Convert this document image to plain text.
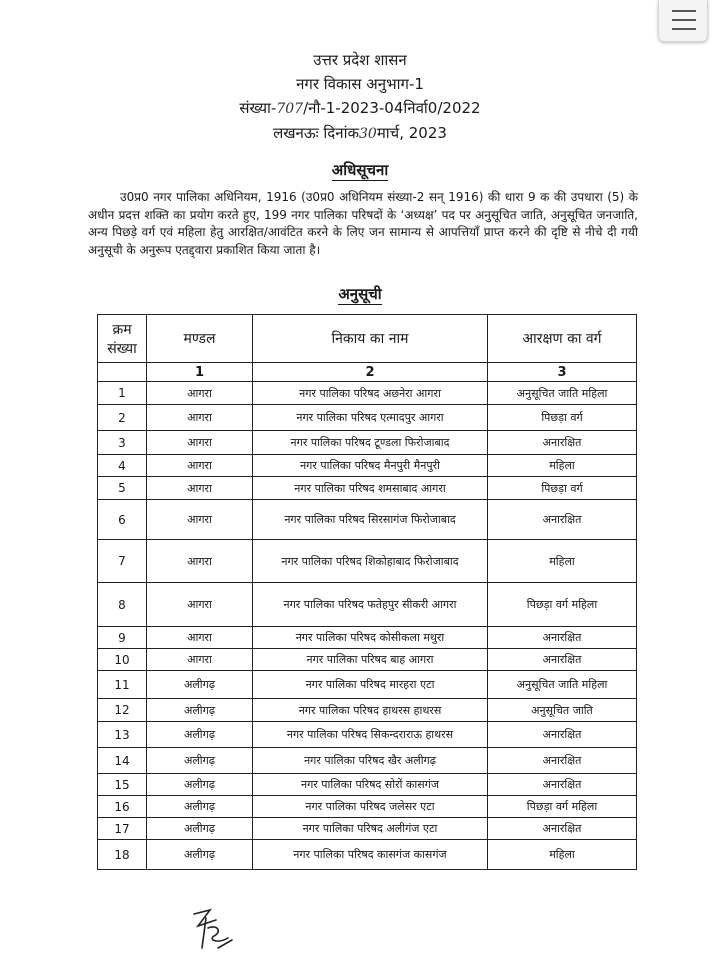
उत्तर प्रदेश शासन
नगर विकास अनुभाग-1
संख्या-707/नौ-1-2023-04निर्वा0/2022
लखनऊः दिनांक30मार्च, 2023
अधिसूचना

उ0प्र0 नगर पालिका अधिनियम, 1916 (उ0प्र0 अधिनियम संख्या-2 सन् 1916) की धारा 9 क की उपधारा (5) के अधीन प्रदत्त शक्ति का प्रयोग करते हुए, 199 नगर पालिका परिषदों के ‘अध्यक्ष’ पद पर अनुसूचित जाति, अनुसूचित जनजाति, अन्य पिछड़े वर्ग एवं महिला हेतु आरक्षित/आवंटित करने के लिए जन सामान्य से आपत्तियाँ प्राप्त करने की दृष्टि से नीचे दी गयी अनुसूची के अनुरूप एतद्द्वारा प्रकाशित किया जाता है।

अनुसूची
क्रम संख्या	मण्डल	निकाय का नाम	आरक्षण का वर्ग
	1	2	3
1	आगरा	नगर पालिका परिषद अछनेरा आगरा	अनुसूचित जाति महिला
2	आगरा	नगर पालिका परिषद एत्मादपुर आगरा	पिछड़ा वर्ग
3	आगरा	नगर पालिका परिषद टूण्डला फिरोजाबाद	अनारक्षित
4	आगरा	नगर पालिका परिषद मैनपुरी मैनपुरी	महिला
5	आगरा	नगर पालिका परिषद शमसाबाद आगरा	पिछड़ा वर्ग
6	आगरा	नगर पालिका परिषद सिरसागंज फिरोजाबाद	अनारक्षित
7	आगरा	नगर पालिका परिषद शिकोहाबाद फिरोजाबाद	महिला
8	आगरा	नगर पालिका परिषद फतेहपुर सीकरी आगरा	पिछड़ा वर्ग महिला
9	आगरा	नगर पालिका परिषद कोसीकला मथुरा	अनारक्षित
10	आगरा	नगर पालिका परिषद बाह आगरा	अनारक्षित
11	अलीगढ़	नगर पालिका परिषद मारहरा एटा	अनुसूचित जाति महिला
12	अलीगढ़	नगर पालिका परिषद हाथरस हाथरस	अनुसूचित जाति
13	अलीगढ़	नगर पालिका परिषद सिकन्दराराऊ हाथरस	अनारक्षित
14	अलीगढ़	नगर पालिका परिषद खैर अलीगढ़	अनारक्षित
15	अलीगढ़	नगर पालिका परिषद सोरों कासगंज	अनारक्षित
16	अलीगढ़	नगर पालिका परिषद जलेसर एटा	पिछड़ा वर्ग महिला
17	अलीगढ़	नगर पालिका परिषद अलीगंज एटा	अनारक्षित
18	अलीगढ़	नगर पालिका परिषद कासगंज कासगंज	महिला
